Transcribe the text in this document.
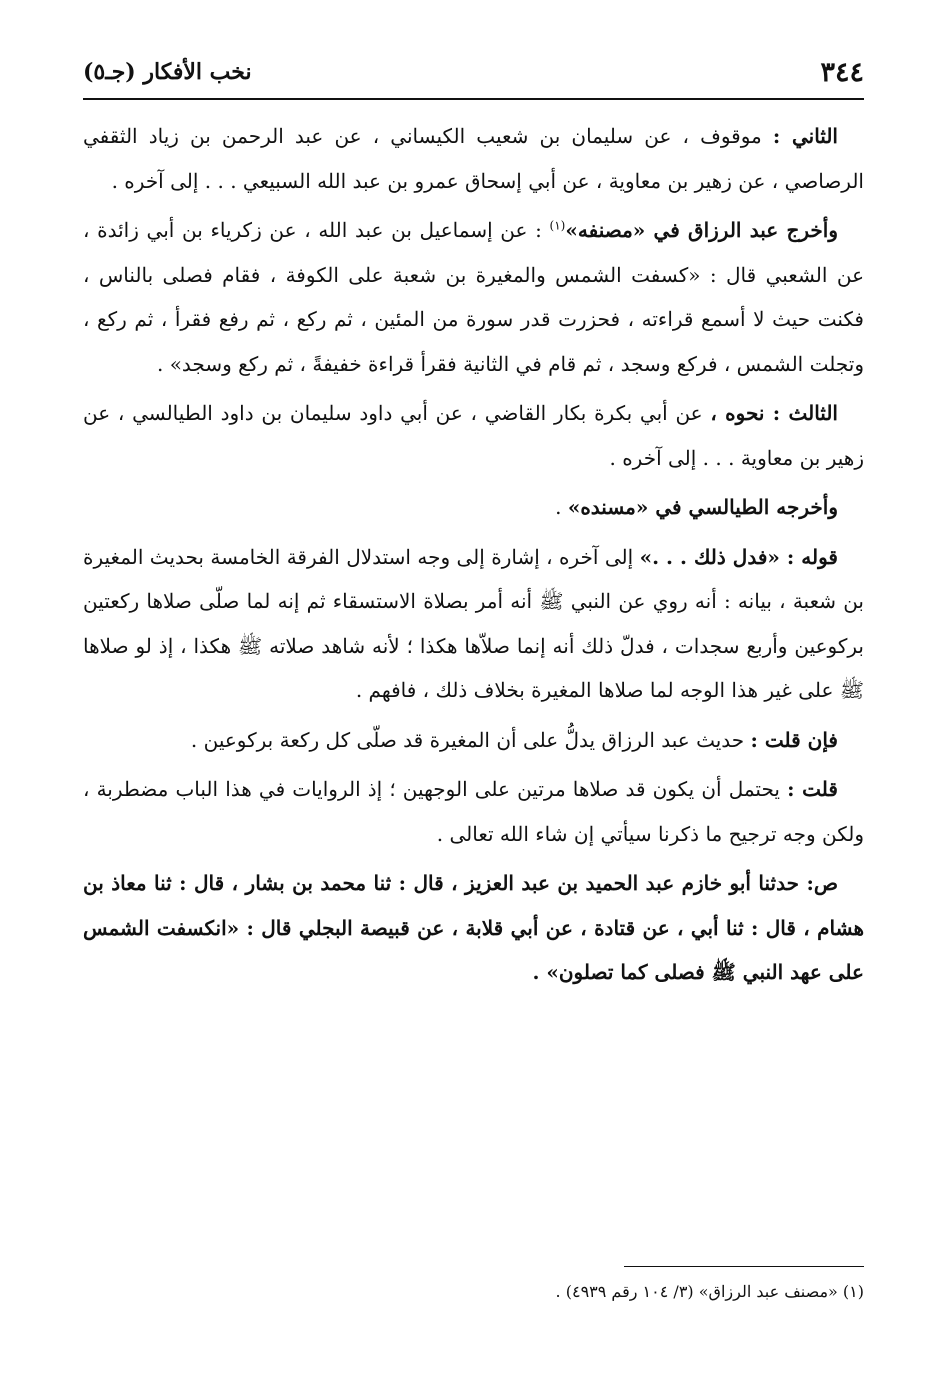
٣٤٤
نخب الأفكار (جـ٥)

الثاني : موقوف ، عن سليمان بن شعيب الكيساني ، عن عبد الرحمن بن زياد الثقفي الرصاصي ، عن زهير بن معاوية ، عن أبي إسحاق عمرو بن عبد الله السبيعي . . . إلى آخره .

وأخرج عبد الرزاق في «مصنفه»$^{(١)}$ : عن إسماعيل بن عبد الله ، عن زكرياء بن أبي زائدة ، عن الشعبي قال : «كسفت الشمس والمغيرة بن شعبة على الكوفة ، فقام فصلى بالناس ، فكنت حيث لا أسمع قراءته ، فحزرت قدر سورة من المئين ، ثم ركع ، ثم رفع فقرأ ، ثم ركع ، وتجلت الشمس ، فركع وسجد ، ثم قام في الثانية فقرأ قراءة خفيفةً ، ثم ركع وسجد» .

الثالث : نحوه ، عن أبي بكرة بكار القاضي ، عن أبي داود سليمان بن داود الطيالسي ، عن زهير بن معاوية . . . إلى آخره .

وأخرجه الطيالسي في «مسنده» .

قوله : «فدل ذلك . . .» إلى آخره ، إشارة إلى وجه استدلال الفرقة الخامسة بحديث المغيرة بن شعبة ، بيانه : أنه روي عن النبي ﷺ أنه أمر بصلاة الاستسقاء ثم إنه لما صلّى صلاها ركعتين بركوعين وأربع سجدات ، فدلّ ذلك أنه إنما صلاّها هكذا ؛ لأنه شاهد صلاته ﷺ هكذا ، إذ لو صلاها ﷺ على غير هذا الوجه لما صلاها المغيرة بخلاف ذلك ، فافهم .

فإن قلت : حديث عبد الرزاق يدلُّ على أن المغيرة قد صلّى كل ركعة بركوعين .

قلت : يحتمل أن يكون قد صلاها مرتين على الوجهين ؛ إذ الروايات في هذا الباب مضطربة ، ولكن وجه ترجيح ما ذكرنا سيأتي إن شاء الله تعالى .

ص: حدثنا أبو خازم عبد الحميد بن عبد العزيز ، قال : ثنا محمد بن بشار ، قال : ثنا معاذ بن هشام ، قال : ثنا أبي ، عن قتادة ، عن أبي قلابة ، عن قبيصة البجلي قال : «انكسفت الشمس على عهد النبي ﷺ فصلى كما تصلون» .

(١) «مصنف عبد الرزاق» (٣/ ١٠٤ رقم ٤٩٣٩) .
